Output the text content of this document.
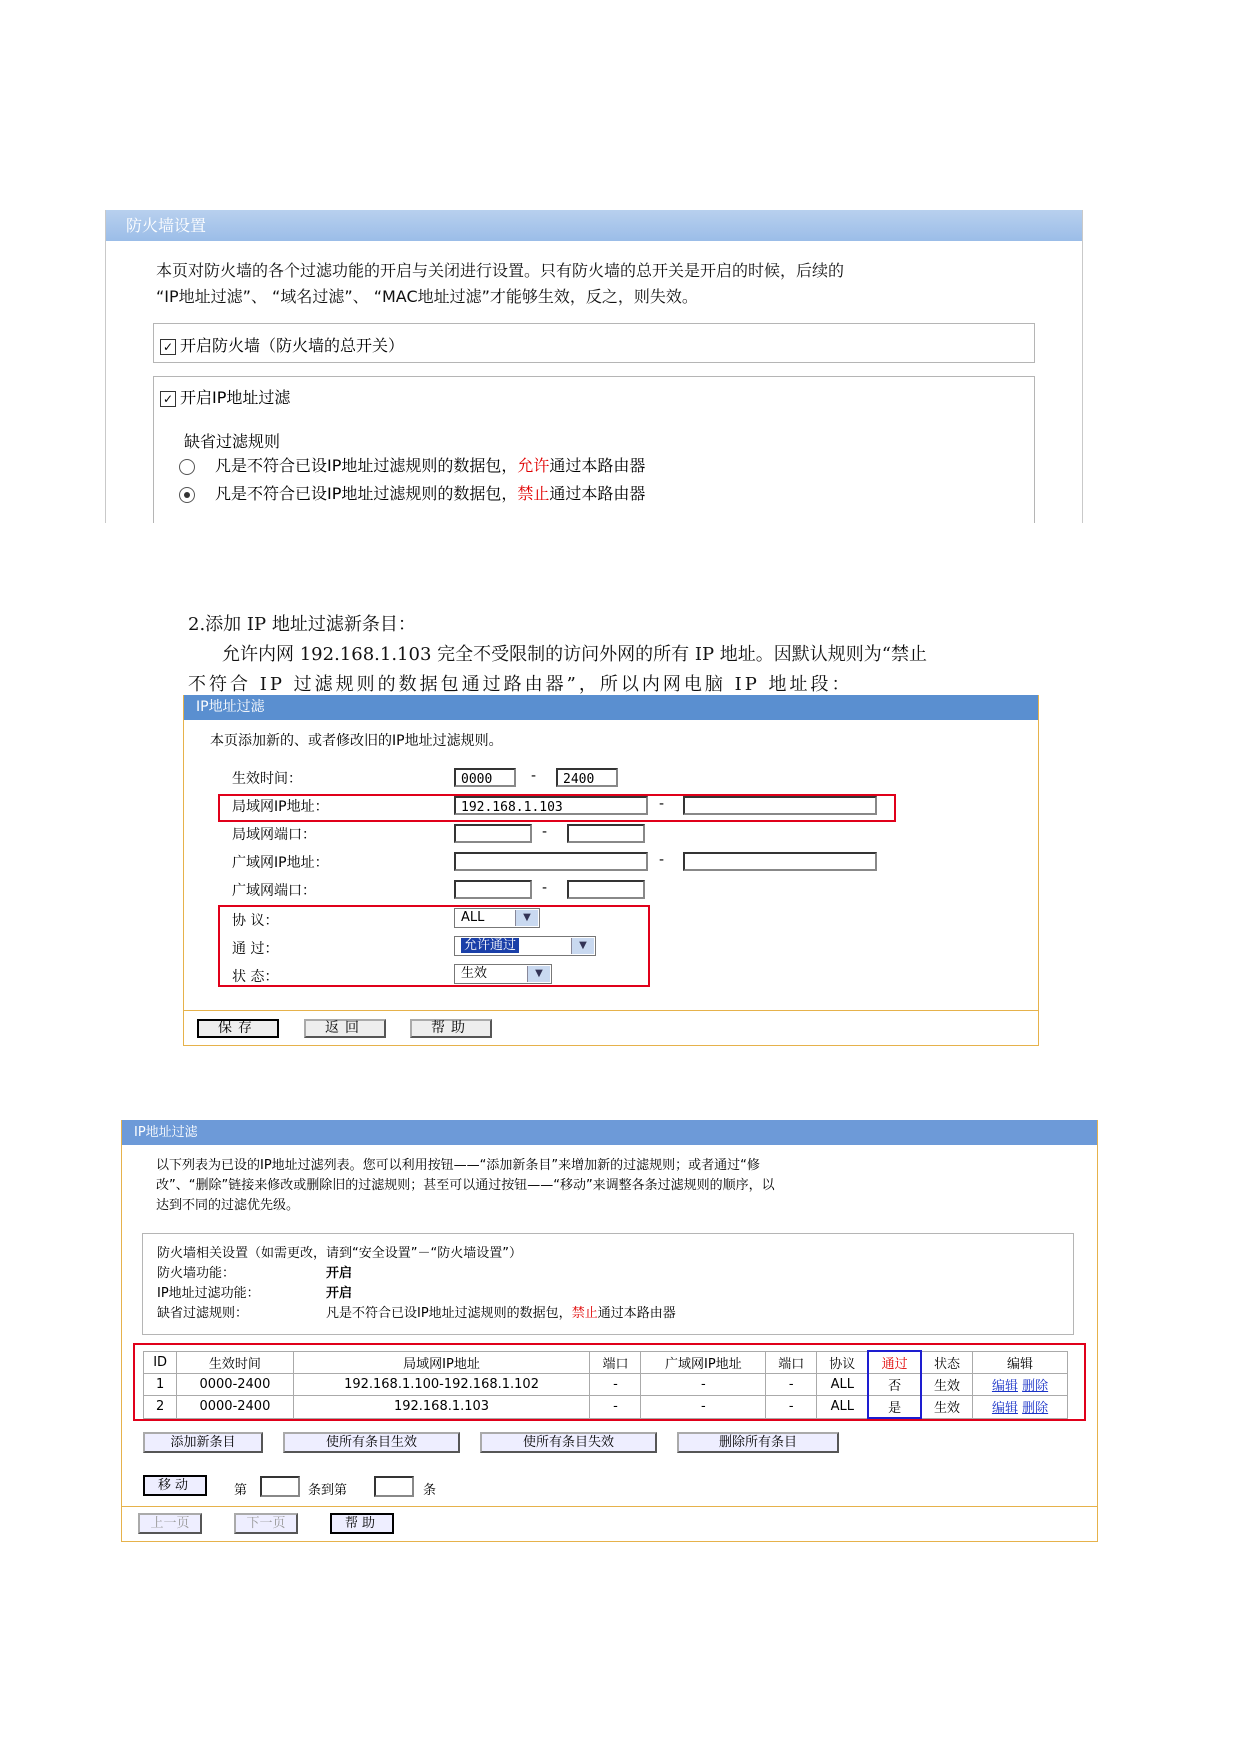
防火墙设置
本页对防火墙的各个过滤功能的开启与关闭进行设置。只有防火墙的总开关是开启的时候，后续的
“IP地址过滤”、 “域名过滤”、 “MAC地址过滤”才能够生效，反之，则失效。
✓ 开启防火墙（防火墙的总开关）
✓ 开启IP地址过滤
缺省过滤规则
凡是不符合已设IP地址过滤规则的数据包，允许通过本路由器
凡是不符合已设IP地址过滤规则的数据包，禁止通过本路由器
2.添加 IP 地址过滤新条目：
允许内网 192.168.1.103 完全不受限制的访问外网的所有 IP 地址。因默认规则为“禁止
不符合 IP 过滤规则的数据包通过路由器”，所以内网电脑 IP 地址段：
IP地址过滤
本页添加新的、或者修改旧的IP地址过滤规则。
生效时间：	0000	-	2400
局域网IP地址：	192.168.1.103	-
局域网端口：	-
广域网IP地址：	-
广域网端口：	-
协 议：	ALL	▼
通 过：	允许通过	▼
状 态：	生效	▼
保存	返回	帮助
IP地址过滤
以下列表为已设的IP地址过滤列表。您可以利用按钮——“添加新条目”来增加新的过滤规则；或者通过“修
改”、“删除”链接来修改或删除旧的过滤规则；甚至可以通过按钮——“移动”来调整各条过滤规则的顺序，以
达到不同的过滤优先级。
防火墙相关设置（如需更改，请到“安全设置”－“防火墙设置”）
防火墙功能：	开启
IP地址过滤功能：	开启
缺省过滤规则：	凡是不符合已设IP地址过滤规则的数据包，禁止通过本路由器
ID	生效时间	局域网IP地址	端口	广域网IP地址	端口	协议	通过	状态	编辑
1	0000-2400	192.168.1.100-192.168.1.102	-	-	-	ALL	否	生效	编辑 删除
2	0000-2400	192.168.1.103	-	-	-	ALL	是	生效	编辑 删除
添加新条目	使所有条目生效	使所有条目失效	删除所有条目
移动	第	条到第	条
上一页	下一页	帮助
